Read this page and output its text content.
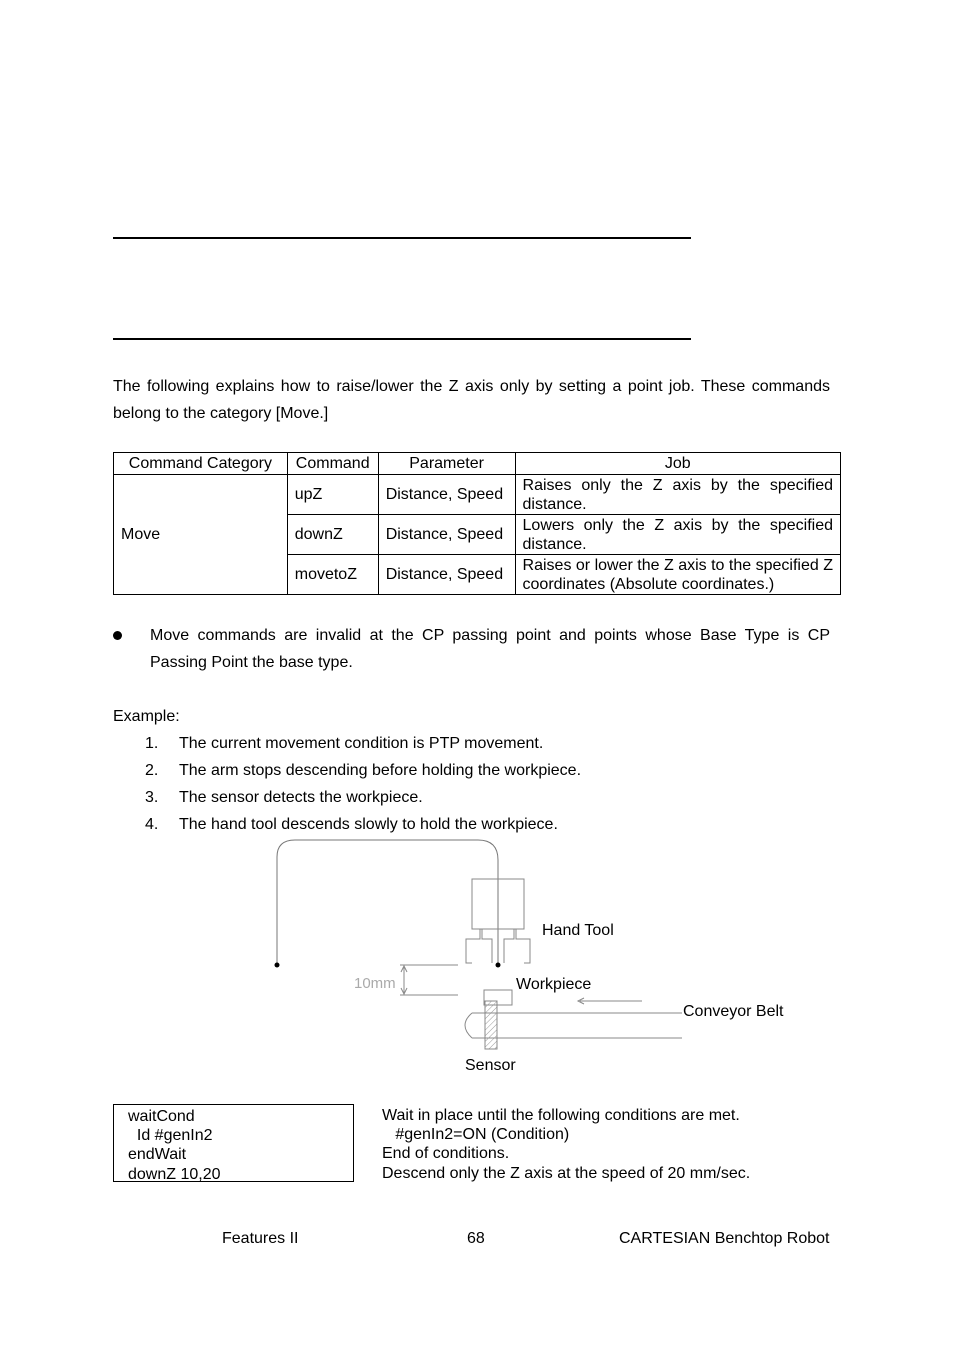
The following explains how to raise/lower the Z axis only by setting a point job. These commands belong to the category [Move.]
Command Category	Command	Parameter	Job
Move	upZ	Distance, Speed	Raises only the Z axis by the specified distance.
	downZ	Distance, Speed	Lowers only the Z axis by the specified distance.
	movetoZ	Distance, Speed	Raises or lower the Z axis to the specified Z coordinates (Absolute coordinates.)
Move commands are invalid at the CP passing point and points whose Base Type is CP Passing Point the base type.
Example:
1. The current movement condition is PTP movement.
2. The arm stops descending before holding the workpiece.
3. The sensor detects the workpiece.
4. The hand tool descends slowly to hold the workpiece.
10mm
Hand Tool
Workpiece
Conveyor Belt
Sensor
waitCond
Id #genIn2
endWait
downZ 10,20
Wait in place until the following conditions are met.
#genIn2=ON (Condition)
End of conditions.
Descend only the Z axis at the speed of 20 mm/sec.
Features II	68	CARTESIAN Benchtop Robot
